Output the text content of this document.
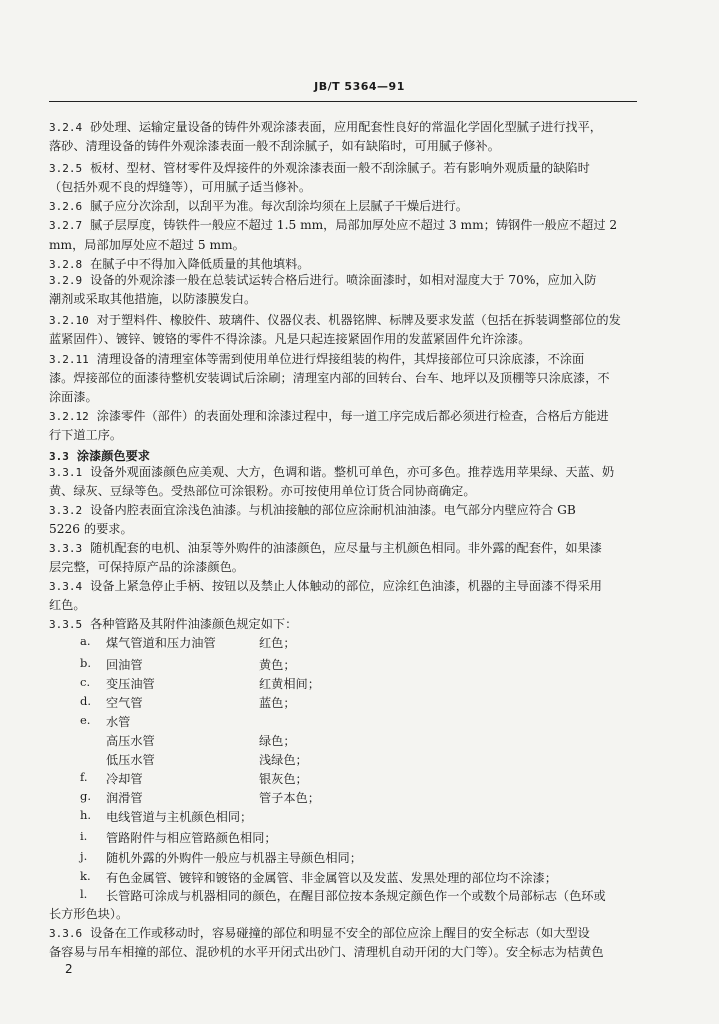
JB/T 5364—91
3.2.4 砂处理、运输定量设备的铸件外观涂漆表面，应用配套性良好的常温化学固化型腻子进行找平，
落砂、清理设备的铸件外观涂漆表面一般不刮涂腻子，如有缺陷时，可用腻子修补。
3.2.5 板材、型材、管材零件及焊接件的外观涂漆表面一般不刮涂腻子。若有影响外观质量的缺陷时
（包括外观不良的焊缝等），可用腻子适当修补。
3.2.6 腻子应分次涂刮，以刮平为准。每次刮涂均须在上层腻子干燥后进行。
3.2.7 腻子层厚度，铸铁件一般应不超过 1.5 mm，局部加厚处应不超过 3 mm；铸钢件一般应不超过 2
mm，局部加厚处应不超过 5 mm。
3.2.8 在腻子中不得加入降低质量的其他填料。
3.2.9 设备的外观涂漆一般在总装试运转合格后进行。喷涂面漆时，如相对湿度大于 70%，应加入防
潮剂或采取其他措施，以防漆膜发白。
3.2.10 对于塑料件、橡胶件、玻璃件、仪器仪表、机器铭牌、标牌及要求发蓝（包括在拆装调整部位的发
蓝紧固件）、镀锌、镀铬的零件不得涂漆。凡是只起连接紧固作用的发蓝紧固件允许涂漆。
3.2.11 清理设备的清理室体等需到使用单位进行焊接组装的构件，其焊接部位可只涂底漆，不涂面
漆。焊接部位的面漆待整机安装调试后涂刷；清理室内部的回转台、台车、地坪以及顶棚等只涂底漆，不
涂面漆。
3.2.12 涂漆零件（部件）的表面处理和涂漆过程中，每一道工序完成后都必须进行检查，合格后方能进
行下道工序。
3.3 涂漆颜色要求
3.3.1 设备外观面漆颜色应美观、大方，色调和谐。整机可单色，亦可多色。推荐选用苹果绿、天蓝、奶
黄、绿灰、豆绿等色。受热部位可涂银粉。亦可按使用单位订货合同协商确定。
3.3.2 设备内腔表面宜涂浅色油漆。与机油接触的部位应涂耐机油油漆。电气部分内壁应符合 GB
5226 的要求。
3.3.3 随机配套的电机、油泵等外购件的油漆颜色，应尽量与主机颜色相同。非外露的配套件，如果漆
层完整，可保持原产品的涂漆颜色。
3.3.4 设备上紧急停止手柄、按钮以及禁止人体触动的部位，应涂红色油漆，机器的主导面漆不得采用
红色。
3.3.5 各种管路及其附件油漆颜色规定如下：
a. 煤气管道和压力油管	红色；
b. 回油管	黄色；
c. 变压油管	红黄相间；
d. 空气管	蓝色；
e. 水管
高压水管	绿色；
低压水管	浅绿色；
f. 冷却管	银灰色；
g. 润滑管	管子本色；
h. 电线管道与主机颜色相同；
i. 管路附件与相应管路颜色相同；
j. 随机外露的外购件一般应与机器主导颜色相同；
k. 有色金属管、镀锌和镀铬的金属管、非金属管以及发蓝、发黑处理的部位均不涂漆；
l. 长管路可涂成与机器相同的颜色，在醒目部位按本条规定颜色作一个或数个局部标志（色环或
长方形色块）。
3.3.6 设备在工作或移动时，容易碰撞的部位和明显不安全的部位应涂上醒目的安全标志（如大型设
备容易与吊车相撞的部位、混砂机的水平开闭式出砂门、清理机自动开闭的大门等）。安全标志为桔黄色
2
